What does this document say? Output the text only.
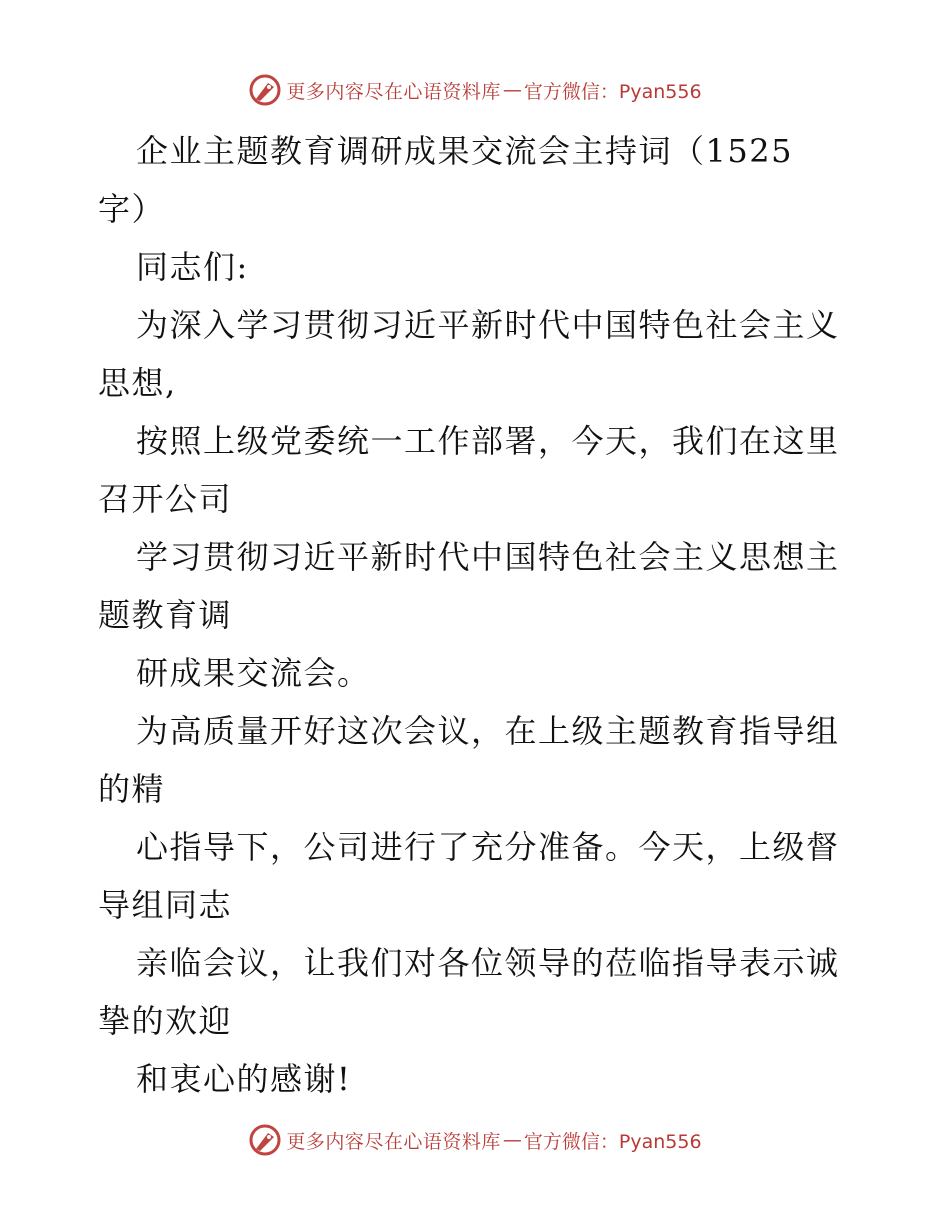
更多内容尽在心语资料库 — 官方微信：Pyan556

企业主题教育调研成果交流会主持词（1525

字）

同志们:

为深入学习贯彻习近平新时代中国特色社会主义

思想,

按照上级党委统一工作部署，今天，我们在这里

召开公司

学习贯彻习近平新时代中国特色社会主义思想主

题教育调

研成果交流会。

为高质量开好这次会议，在上级主题教育指导组

的精

心指导下，公司进行了充分准备。今天，上级督

导组同志

亲临会议，让我们对各位领导的莅临指导表示诚

挚的欢迎

和衷心的感谢!

更多内容尽在心语资料库 — 官方微信：Pyan556
